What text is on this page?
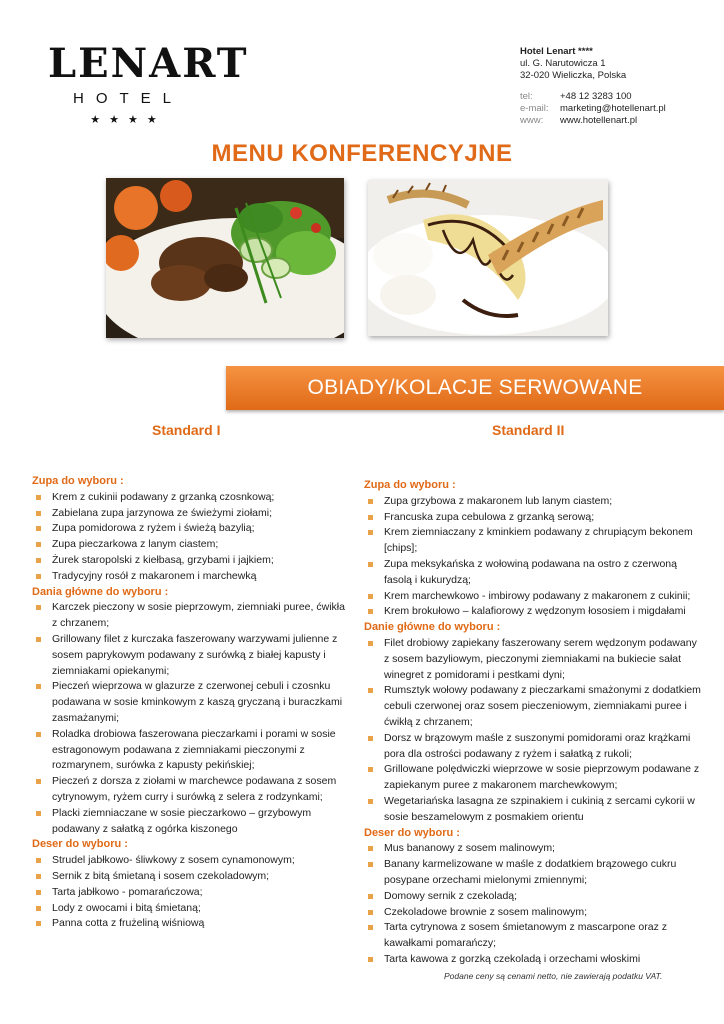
LENART
HOTEL
★★★★
Hotel Lenart ****
ul. G. Narutowicza 1
32-020 Wieliczka, Polska
tel:	+48 12 3283 100
e-mail:	marketing@hotellenart.pl
www:	www.hotellenart.pl
MENU KONFERENCYJNE
OBIADY/KOLACJE SERWOWANE
Standard I	Standard II
Zupa do wyboru :
Krem z cukinii podawany z grzanką czosnkową;
Zabielana zupa jarzynowa ze świeżymi ziołami;
Zupa pomidorowa z ryżem i świeżą bazylią;
Zupa pieczarkowa z lanym ciastem;
Żurek staropolski z kiełbasą, grzybami i jajkiem;
Tradycyjny rosół z makaronem i marchewką
Dania główne do wyboru :
Karczek pieczony w sosie pieprzowym, ziemniaki puree, ćwikła z chrzanem;
Grillowany filet z kurczaka faszerowany warzywami julienne z sosem paprykowym podawany z surówką z białej kapusty i ziemniakami opiekanymi;
Pieczeń wieprzowa w glazurze z czerwonej cebuli i czosnku podawana w sosie kminkowym z kaszą gryczaną i buraczkami zasmażanymi;
Roladka drobiowa faszerowana pieczarkami i porami w sosie estragonowym podawana z ziemniakami pieczonymi z rozmarynem, surówka z kapusty pekińskiej;
Pieczeń z dorsza z ziołami w marchewce podawana z sosem cytrynowym, ryżem curry i surówką z selera z rodzynkami;
Placki ziemniaczane w sosie pieczarkowo – grzybowym podawany z sałatką z ogórka kiszonego
Deser do wyboru :
Strudel jabłkowo- śliwkowy z sosem cynamonowym;
Sernik z bitą śmietaną i sosem czekoladowym;
Tarta jabłkowo - pomarańczowa;
Lody z owocami i bitą śmietaną;
Panna cotta z frużeliną wiśniową
Zupa do wyboru :
Zupa grzybowa z makaronem lub lanym ciastem;
Francuska zupa cebulowa z grzanką serową;
Krem ziemniaczany z kminkiem podawany z chrupiącym bekonem [chips];
Zupa meksykańska z wołowiną podawana na ostro z czerwoną fasolą i kukurydzą;
Krem marchewkowo - imbirowy podawany z makaronem z cukinii;
Krem brokułowo – kalafiorowy z wędzonym łososiem i migdałami
Danie główne do wyboru :
Filet drobiowy zapiekany faszerowany serem wędzonym podawany z sosem bazyliowym, pieczonymi ziemniakami na bukiecie sałat winegret z pomidorami i pestkami dyni;
Rumsztyk wołowy podawany z pieczarkami smażonymi z dodatkiem cebuli czerwonej oraz sosem pieczeniowym, ziemniakami puree i ćwikłą z chrzanem;
Dorsz w brązowym maśle z suszonymi pomidorami oraz krążkami pora dla ostrości podawany z ryżem i sałatką z rukoli;
Grillowane polędwiczki wieprzowe w sosie pieprzowym podawane z zapiekanym puree z makaronem marchewkowym;
Wegetariańska lasagna ze szpinakiem i cukinią z sercami cykorii w sosie beszamelowym z posmakiem orientu
Deser do wyboru :
Mus bananowy z sosem malinowym;
Banany karmelizowane w maśle z dodatkiem brązowego cukru posypane orzechami mielonymi zmiennymi;
Domowy sernik z czekoladą;
Czekoladowe brownie z sosem malinowym;
Tarta cytrynowa z sosem śmietanowym z mascarpone oraz z kawałkami pomarańczy;
Tarta kawowa z gorzką czekoladą i orzechami włoskimi
Podane ceny są cenami netto, nie zawierają podatku VAT.
